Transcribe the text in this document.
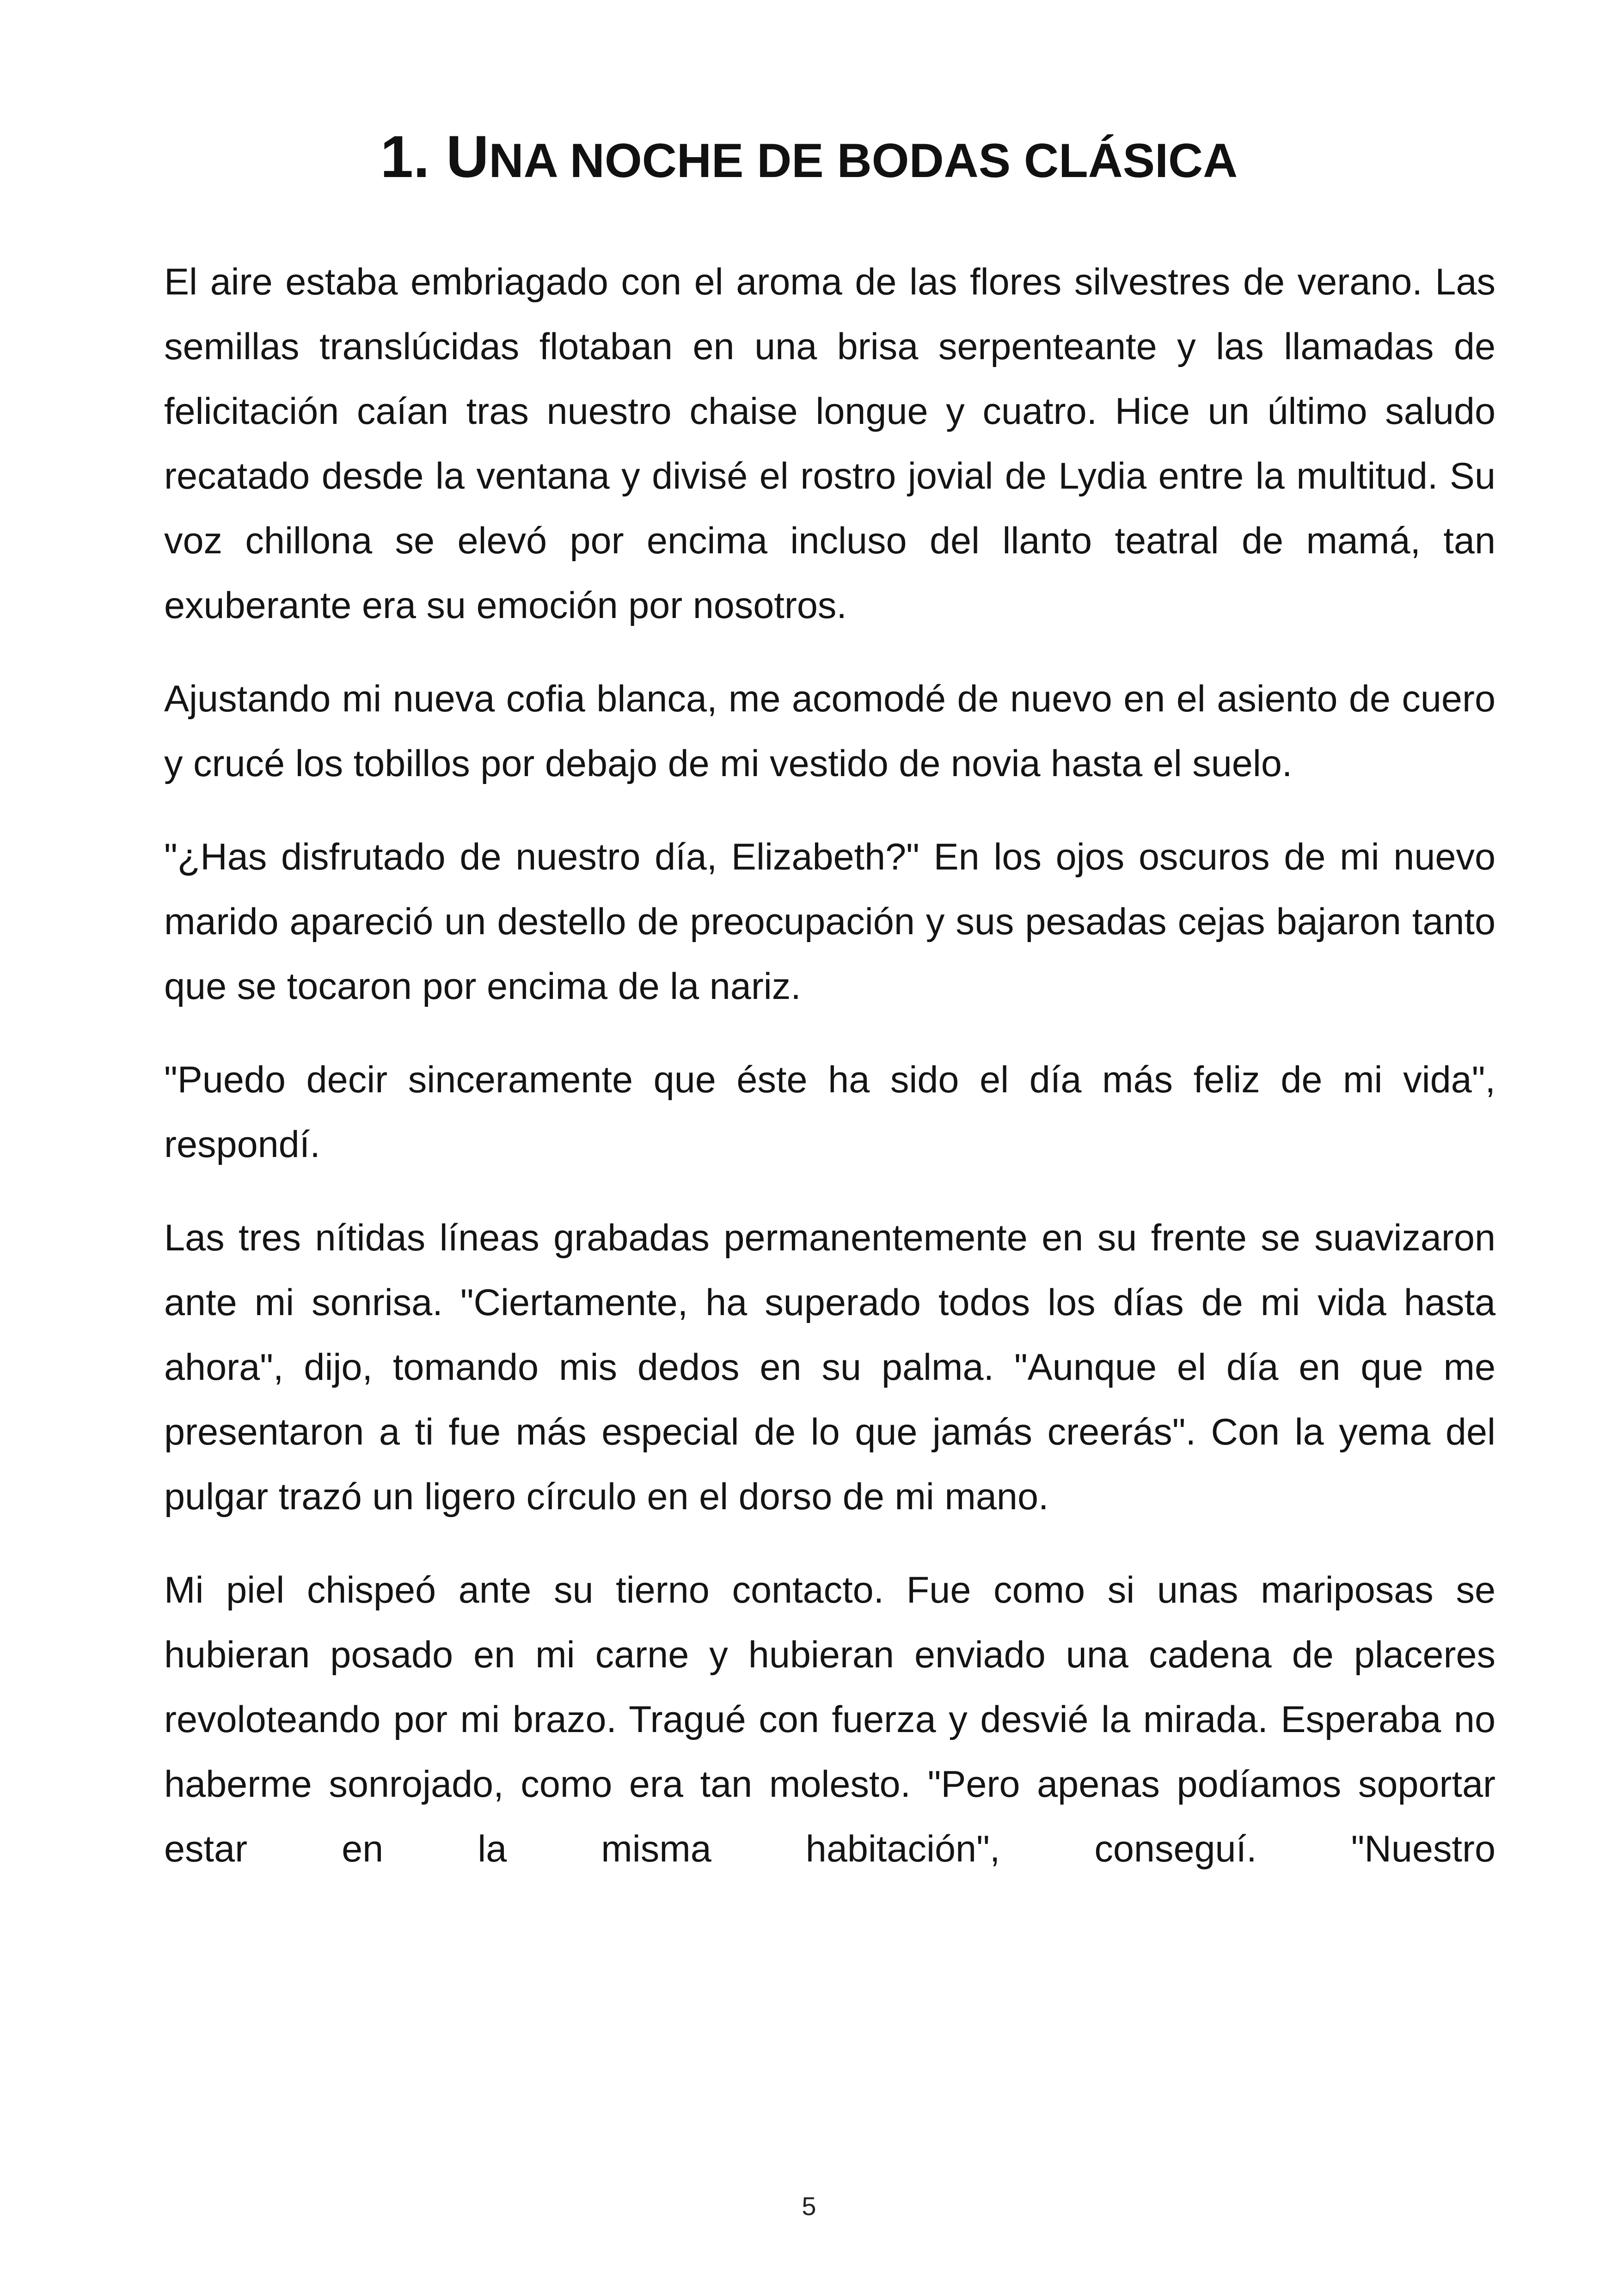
1. UNA NOCHE DE BODAS CLÁSICA

El aire estaba embriagado con el aroma de las flores silvestres de verano. Las semillas translúcidas flotaban en una brisa serpenteante y las llamadas de felicitación caían tras nuestro chaise longue y cuatro. Hice un último saludo recatado desde la ventana y divisé el rostro jovial de Lydia entre la multitud. Su voz chillona se elevó por encima incluso del llanto teatral de mamá, tan exuberante era su emoción por nosotros.

Ajustando mi nueva cofia blanca, me acomodé de nuevo en el asiento de cuero y crucé los tobillos por debajo de mi vestido de novia hasta el suelo.

"¿Has disfrutado de nuestro día, Elizabeth?" En los ojos oscuros de mi nuevo marido apareció un destello de preocupación y sus pesadas cejas bajaron tanto que se tocaron por encima de la nariz.

"Puedo decir sinceramente que éste ha sido el día más feliz de mi vida", respondí.

Las tres nítidas líneas grabadas permanentemente en su frente se suavizaron ante mi sonrisa. "Ciertamente, ha superado todos los días de mi vida hasta ahora", dijo, tomando mis dedos en su palma. "Aunque el día en que me presentaron a ti fue más especial de lo que jamás creerás". Con la yema del pulgar trazó un ligero círculo en el dorso de mi mano.

Mi piel chispeó ante su tierno contacto. Fue como si unas mariposas se hubieran posado en mi carne y hubieran enviado una cadena de placeres revoloteando por mi brazo. Tragué con fuerza y desvié la mirada. Esperaba no haberme sonrojado, como era tan molesto. "Pero apenas podíamos soportar estar en la misma habitación", conseguí. "Nuestro

5
